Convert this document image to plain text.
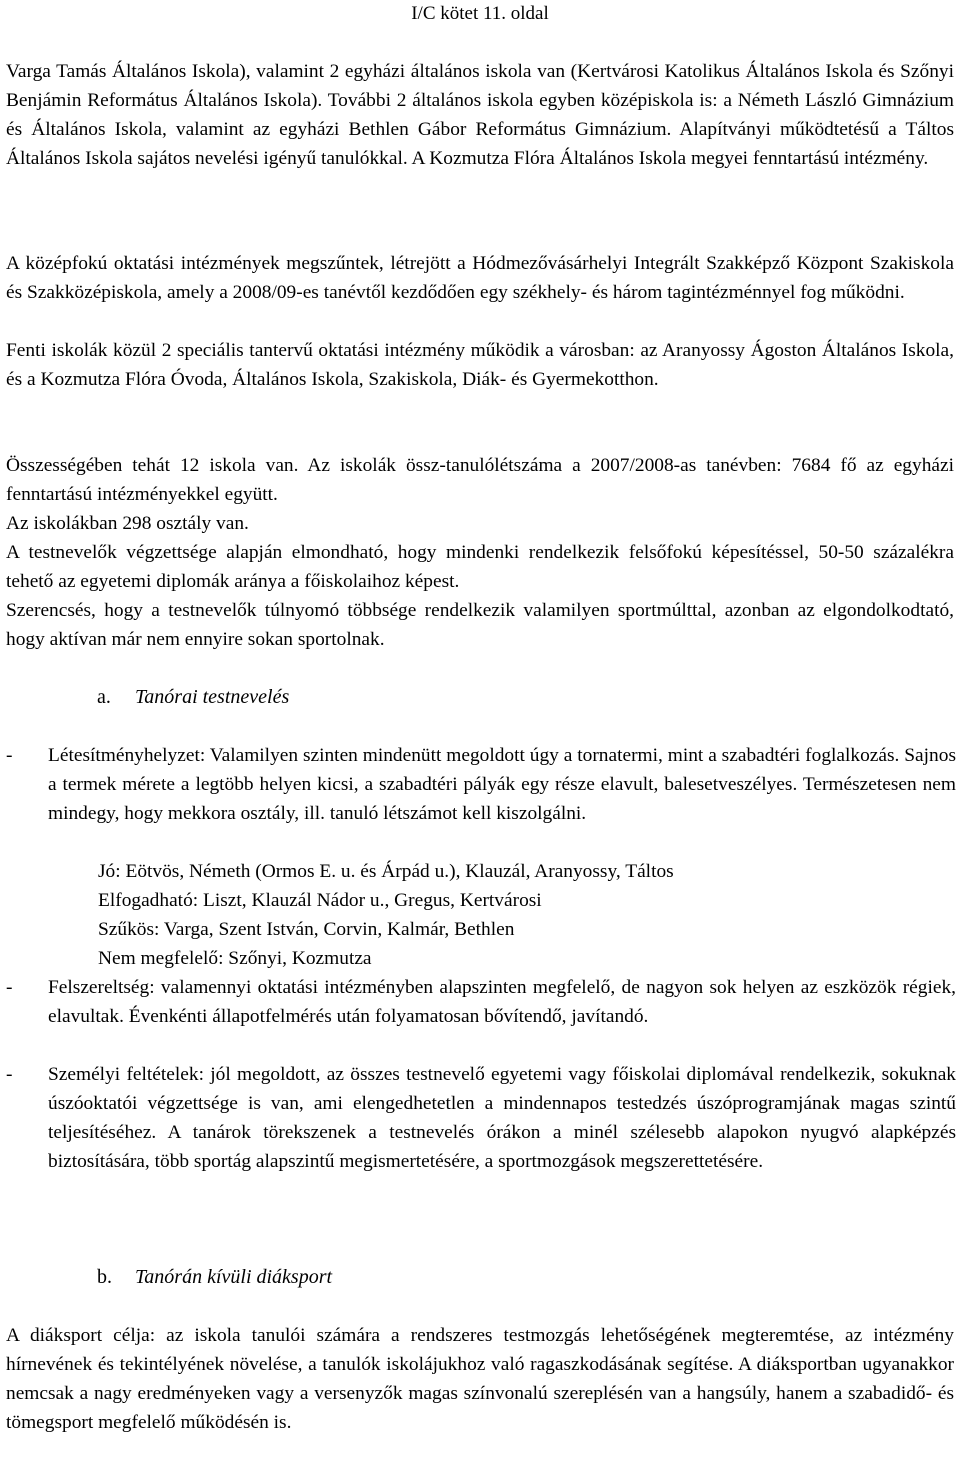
I/C kötet 11. oldal

Varga Tamás Általános Iskola), valamint 2 egyházi általános iskola van (Kertvárosi Katolikus Általános Iskola és Szőnyi Benjámin Református Általános Iskola). További 2 általános iskola egyben középiskola is: a Németh László Gimnázium és Általános Iskola, valamint az egyházi Bethlen Gábor Református Gimnázium. Alapítványi működtetésű a Táltos Általános Iskola sajátos nevelési igényű tanulókkal. A Kozmutza Flóra Általános Iskola megyei fenntartású intézmény.

A középfokú oktatási intézmények megszűntek, létrejött a Hódmezővásárhelyi Integrált Szakképző Központ Szakiskola és Szakközépiskola, amely a 2008/09-es tanévtől kezdődően egy székhely- és három tagintézménnyel fog működni.

Fenti iskolák közül 2 speciális tantervű oktatási intézmény működik a városban: az Aranyossy Ágoston Általános Iskola, és a Kozmutza Flóra Óvoda, Általános Iskola, Szakiskola, Diák- és Gyermekotthon.

Összességében tehát 12 iskola van. Az iskolák össz-tanulólétszáma a 2007/2008-as tanévben: 7684 fő az egyházi fenntartású intézményekkel együtt.

Az iskolákban 298 osztály van.

A testnevelők végzettsége alapján elmondható, hogy mindenki rendelkezik felsőfokú képesítéssel, 50-50 százalékra tehető az egyetemi diplomák aránya a főiskolaihoz képest.

Szerencsés, hogy a testnevelők túlnyomó többsége rendelkezik valamilyen sportmúlttal, azonban az elgondolkodtató, hogy aktívan már nem ennyire sokan sportolnak.

a. Tanórai testnevelés
- Létesítményhelyzet: Valamilyen szinten mindenütt megoldott úgy a tornatermi, mint a szabadtéri foglalkozás. Sajnos a termek mérete a legtöbb helyen kicsi, a szabadtéri pályák egy része elavult, balesetveszélyes. Természetesen nem mindegy, hogy mekkora osztály, ill. tanuló létszámot kell kiszolgálni.

Jó: Eötvös, Németh (Ormos E. u. és Árpád u.), Klauzál, Aranyossy, Táltos
Elfogadható: Liszt, Klauzál Nádor u., Gregus, Kertvárosi
Szűkös: Varga, Szent István, Corvin, Kalmár, Bethlen
Nem megfelelő: Szőnyi, Kozmutza
- Felszereltség: valamennyi oktatási intézményben alapszinten megfelelő, de nagyon sok helyen az eszközök régiek, elavultak. Évenkénti állapotfelmérés után folyamatosan bővítendő, javítandó.

- Személyi feltételek: jól megoldott, az összes testnevelő egyetemi vagy főiskolai diplomával rendelkezik, sokuknak úszóoktatói végzettsége is van, ami elengedhetetlen a mindennapos testedzés úszóprogramjának magas szintű teljesítéséhez. A tanárok törekszenek a testnevelés órákon a minél szélesebb alapokon nyugvó alapképzés biztosítására, több sportág alapszintű megismertetésére, a sportmozgások megszerettetésére.

b. Tanórán kívüli diáksport

A diáksport célja: az iskola tanulói számára a rendszeres testmozgás lehetőségének megteremtése, az intézmény hírnevének és tekintélyének növelése, a tanulók iskolájukhoz való ragaszkodásának segítése. A diáksportban ugyanakkor nemcsak a nagy eredményeken vagy a versenyzők magas színvonalú szereplésén van a hangsúly, hanem a szabadidő- és tömegsport megfelelő működésén is.
